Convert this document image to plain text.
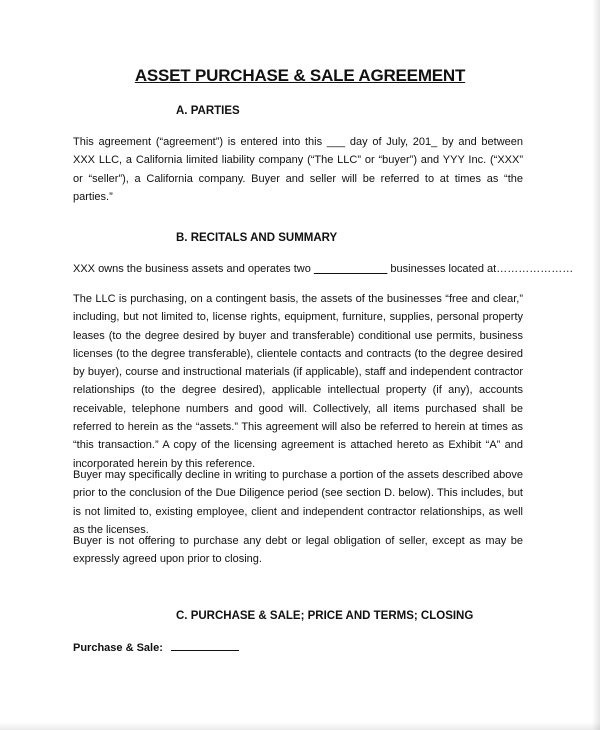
ASSET PURCHASE & SALE AGREEMENT
A. PARTIES
This agreement (“agreement”) is entered into this ___ day of July, 201_ by and between XXX LLC, a California limited liability company (“The LLC” or “buyer”) and YYY Inc. (“XXX” or “seller”), a California company. Buyer and seller will be referred to at times as “the parties.”
B. RECITALS AND SUMMARY
XXX owns the business assets and operates two ____________ businesses located at…………………
The LLC is purchasing, on a contingent basis, the assets of the businesses “free and clear,” including, but not limited to, license rights, equipment, furniture, supplies, personal property leases (to the degree desired by buyer and transferable) conditional use permits, business licenses (to the degree transferable), clientele contacts and contracts (to the degree desired by buyer), course and instructional materials (if applicable), staff and independent contractor relationships (to the degree desired), applicable intellectual property (if any), accounts receivable, telephone numbers and good will. Collectively, all items purchased shall be referred to herein as the “assets.” This agreement will also be referred to herein at times as “this transaction.” A copy of the licensing agreement is attached hereto as Exhibit “A” and incorporated herein by this reference.
Buyer may specifically decline in writing to purchase a portion of the assets described above prior to the conclusion of the Due Diligence period (see section D. below). This includes, but is not limited to, existing employee, client and independent contractor relationships, as well as the licenses.
Buyer is not offering to purchase any debt or legal obligation of seller, except as may be expressly agreed upon prior to closing.
C. PURCHASE & SALE; PRICE AND TERMS; CLOSING
Purchase & Sale:
